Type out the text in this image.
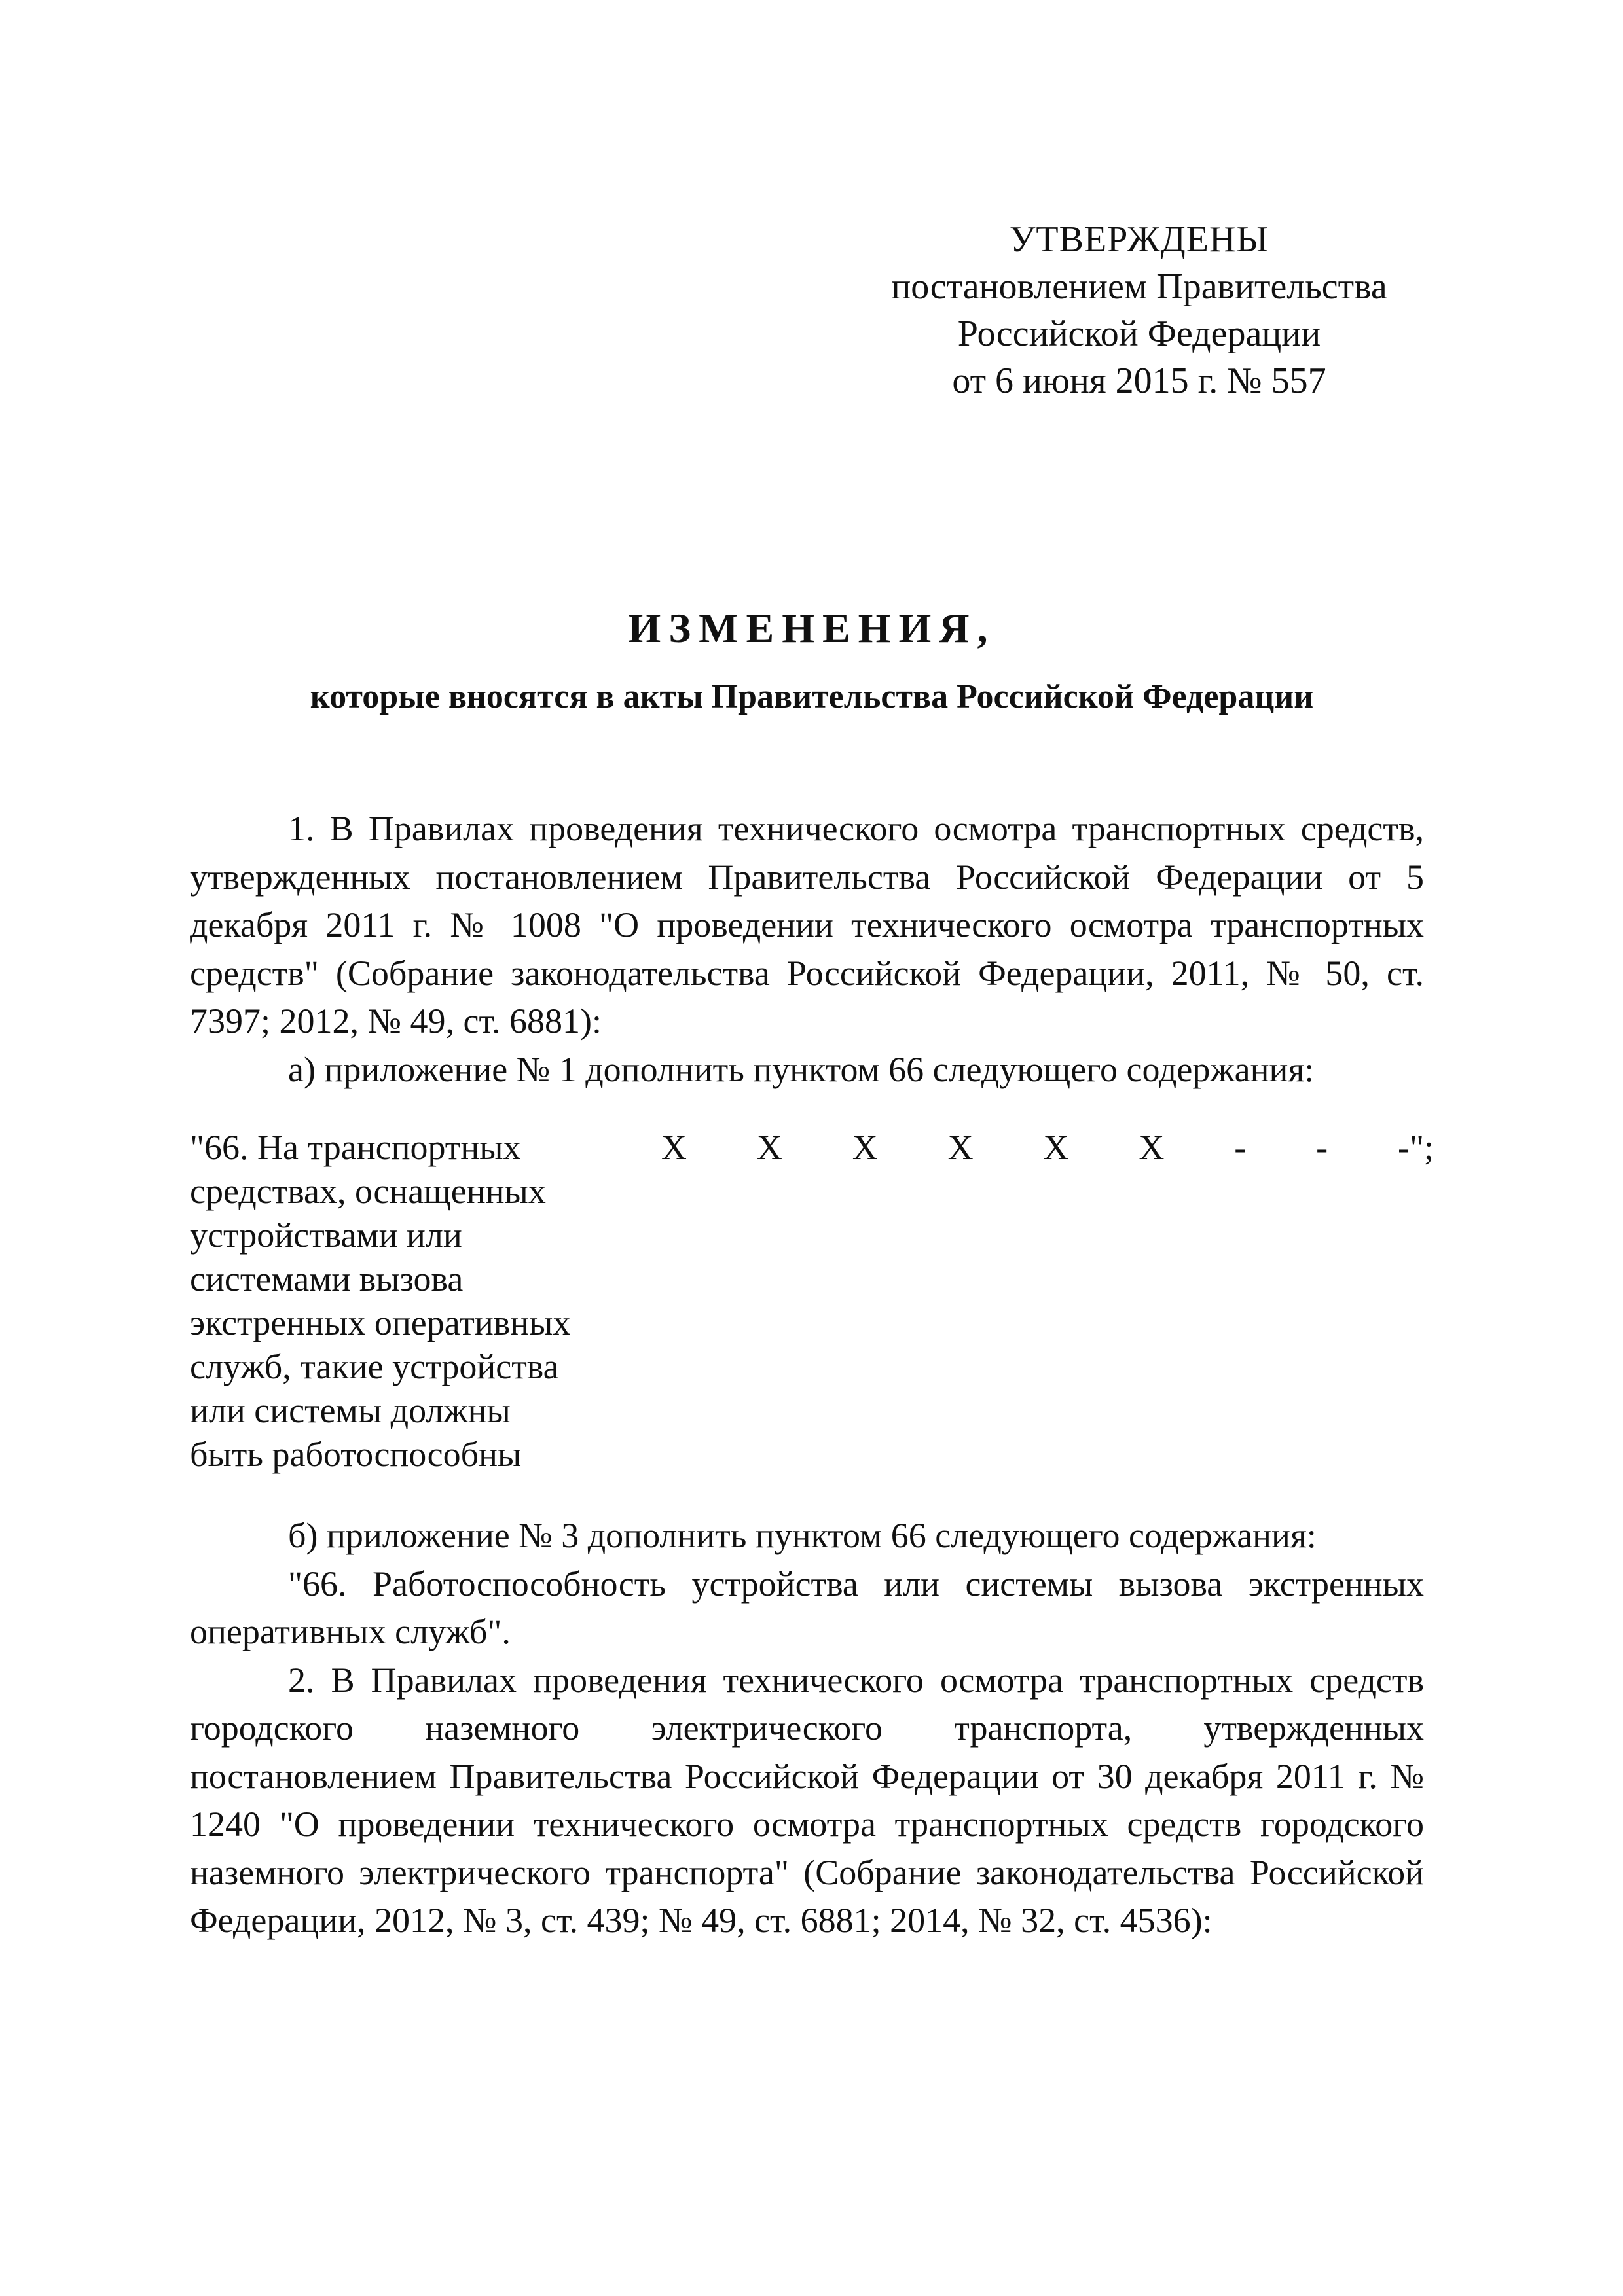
УТВЕРЖДЕНЫ
постановлением Правительства
Российской Федерации
от 6 июня 2015 г. № 557
ИЗМЕНЕНИЯ,
которые вносятся в акты Правительства Российской Федерации

1. В Правилах проведения технического осмотра транспортных средств, утвержденных постановлением Правительства Российской Федерации от 5 декабря 2011 г. № 1008 "О проведении технического осмотра транспортных средств" (Собрание законодательства Российской Федерации, 2011, № 50, ст. 7397; 2012, № 49, ст. 6881):

а) приложение № 1 дополнить пунктом 66 следующего содержания:

"66. На транспортных
средствах, оснащенных
устройствами или
системами вызова
экстренных оперативных
служб, такие устройства
или системы должны
быть работоспособны
Х Х Х Х Х Х - - -";

б) приложение № 3 дополнить пунктом 66 следующего содержания:

"66. Работоспособность устройства или системы вызова экстренных оперативных служб".

2. В Правилах проведения технического осмотра транспортных средств городского наземного электрического транспорта, утвержденных постановлением Правительства Российской Федерации от 30 декабря 2011 г. № 1240 "О проведении технического осмотра транспортных средств городского наземного электрического транспорта" (Собрание законодательства Российской Федерации, 2012, № 3, ст. 439; № 49, ст. 6881; 2014, № 32, ст. 4536):
